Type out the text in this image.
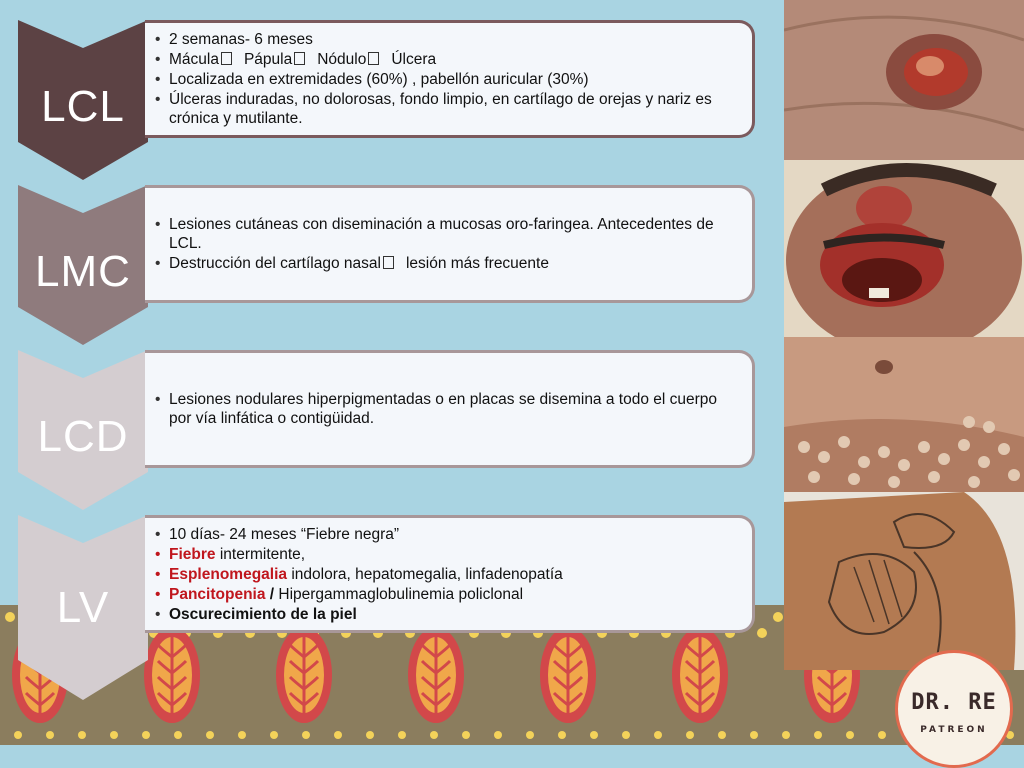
LCL
• 2 semanas- 6 meses
• Mácula Pápula Nódulo Úlcera
• Localizada en extremidades (60%) , pabellón auricular (30%)
• Úlceras induradas, no dolorosas, fondo limpio, en cartílago de orejas y nariz es crónica y mutilante.
LMC
• Lesiones cutáneas con diseminación a mucosas oro-faringea. Antecedentes de LCL.
• Destrucción del cartílago nasal lesión más frecuente
LCD
• Lesiones nodulares hiperpigmentadas o en placas se disemina a todo el cuerpo por vía linfática o contigüidad.
LV
• 10 días- 24 meses “Fiebre negra”
• Fiebre intermitente,
• Esplenomegalia indolora, hepatomegalia, linfadenopatía
• Pancitopenia / Hipergammaglobulinemia policlonal
• Oscurecimiento de la piel
DR. RE
PATREON
